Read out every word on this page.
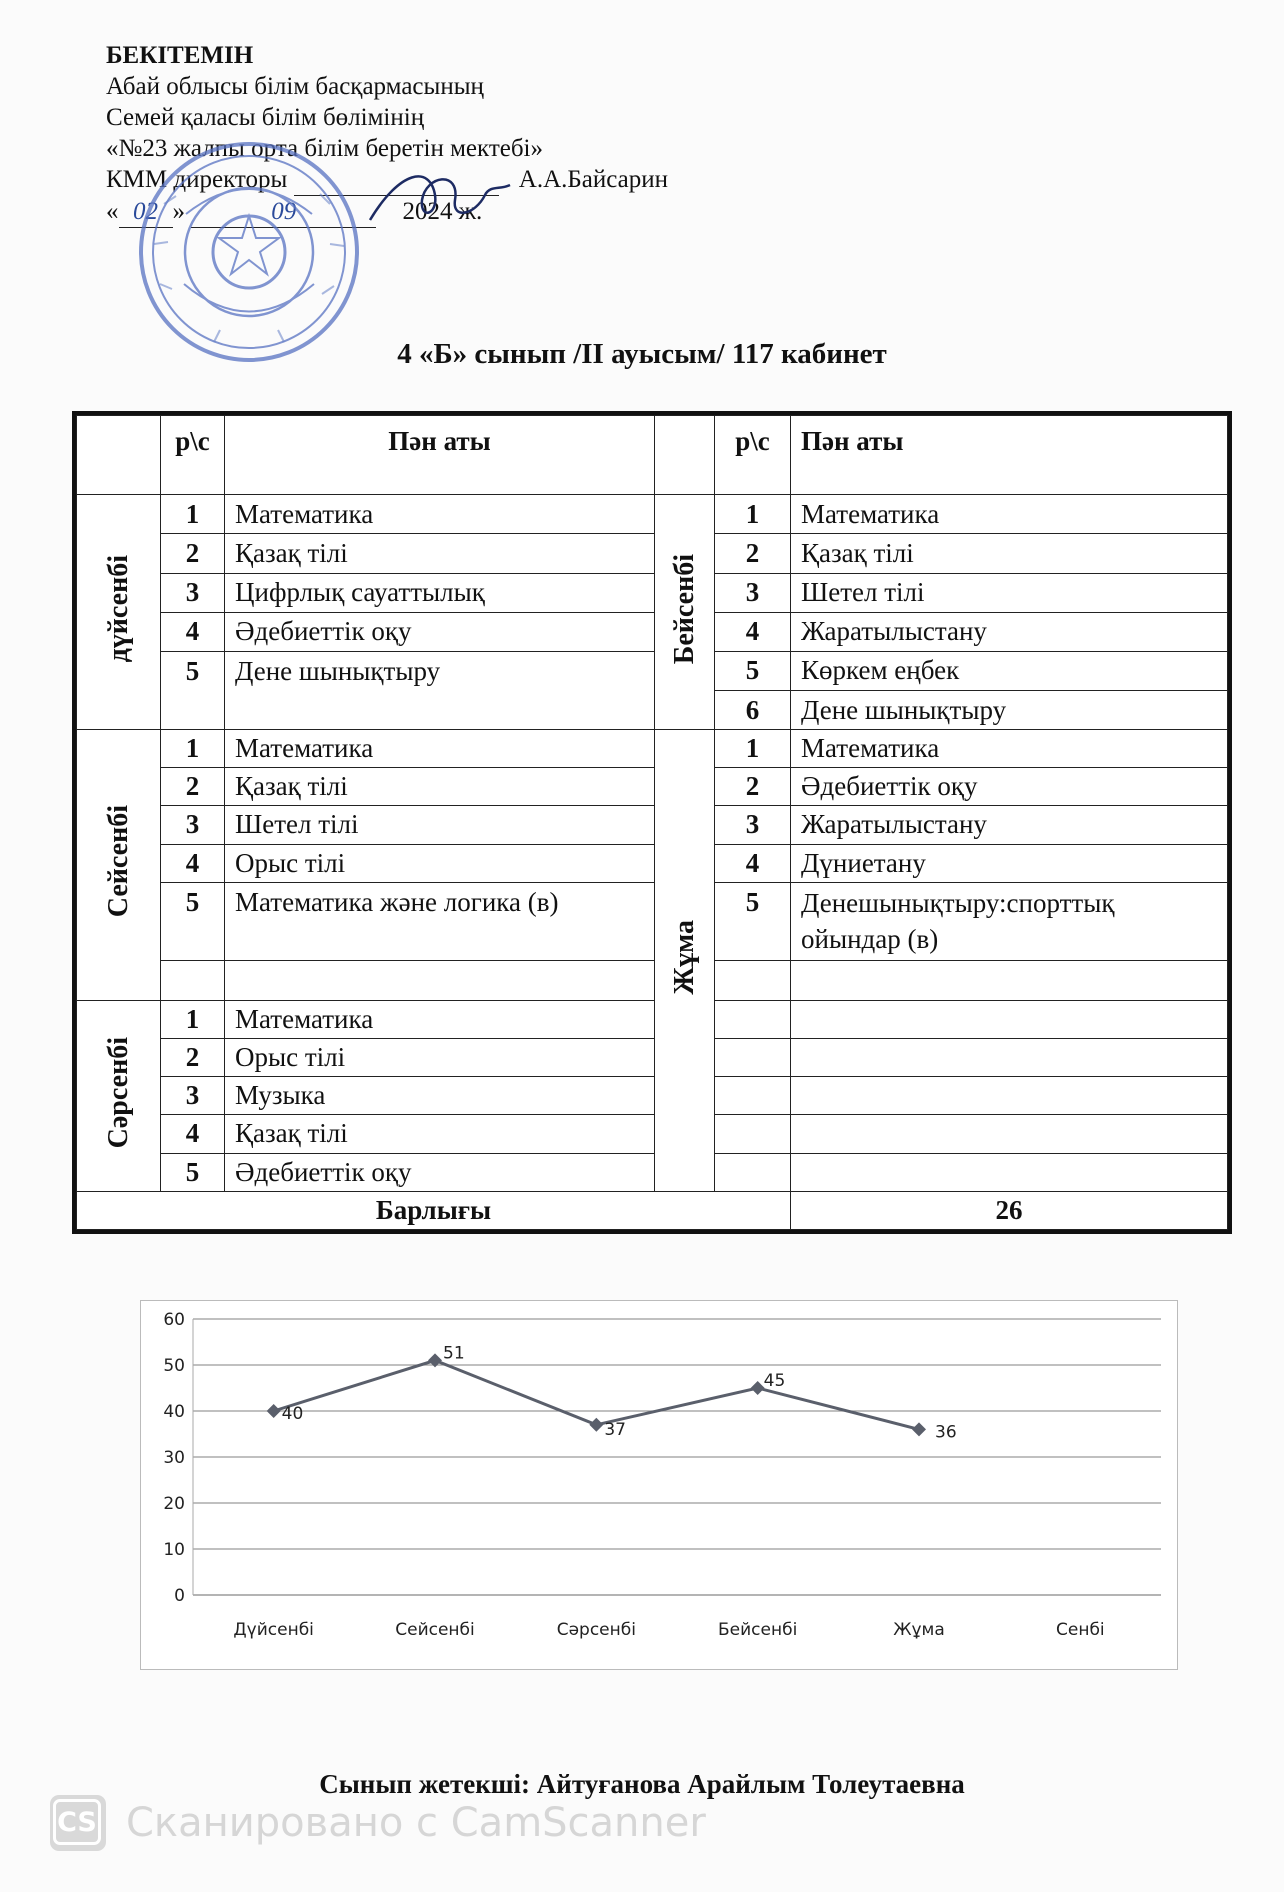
БЕКІТЕМІН
Абай облысы білім басқармасының
Семей қаласы білім бөлімінің
«№23 жалпы орта білім беретін мектебі»
КММ директоры	А.А.Байсарин
« 02 »	09	2024 ж.
4 «Б» сынып /ІІ ауысым/ 117 кабинет
	р\с	Пән аты		р\с	Пән аты
дүйсенбі	1	Математика	Бейсенбі	1	Математика
	2	Қазақ тілі		2	Қазақ тілі
	3	Цифрлық сауаттылық		3	Шетел тілі
	4	Әдебиеттік оқу		4	Жаратылыстану
	5	Дене шынықтыру		5	Көркем еңбек
				6	Дене шынықтыру
Сейсенбі	1	Математика	Жұма	1	Математика
	2	Қазақ тілі		2	Әдебиеттік оқу
	3	Шетел тілі		3	Жаратылыстану
	4	Орыс тілі		4	Дүниетану
	5	Математика және логика (в)		5	Денешынықтыру:спорттық ойындар (в)

Сәрсенбі	1	Математика			
	2	Орыс тілі			
	3	Музыка			
	4	Қазақ тілі			
	5	Әдебиеттік оқу			
Барлығы					26
0
10
20
30
40
50
60
Дүйсенбі	Сейсенбі	Сәрсенбі	Бейсенбі	Жұма	Сенбі
40
51
37
45
36
Сынып жетекші: Айтуғанова Арайлым Толеутаевна
CS Сканировано с CamScanner
